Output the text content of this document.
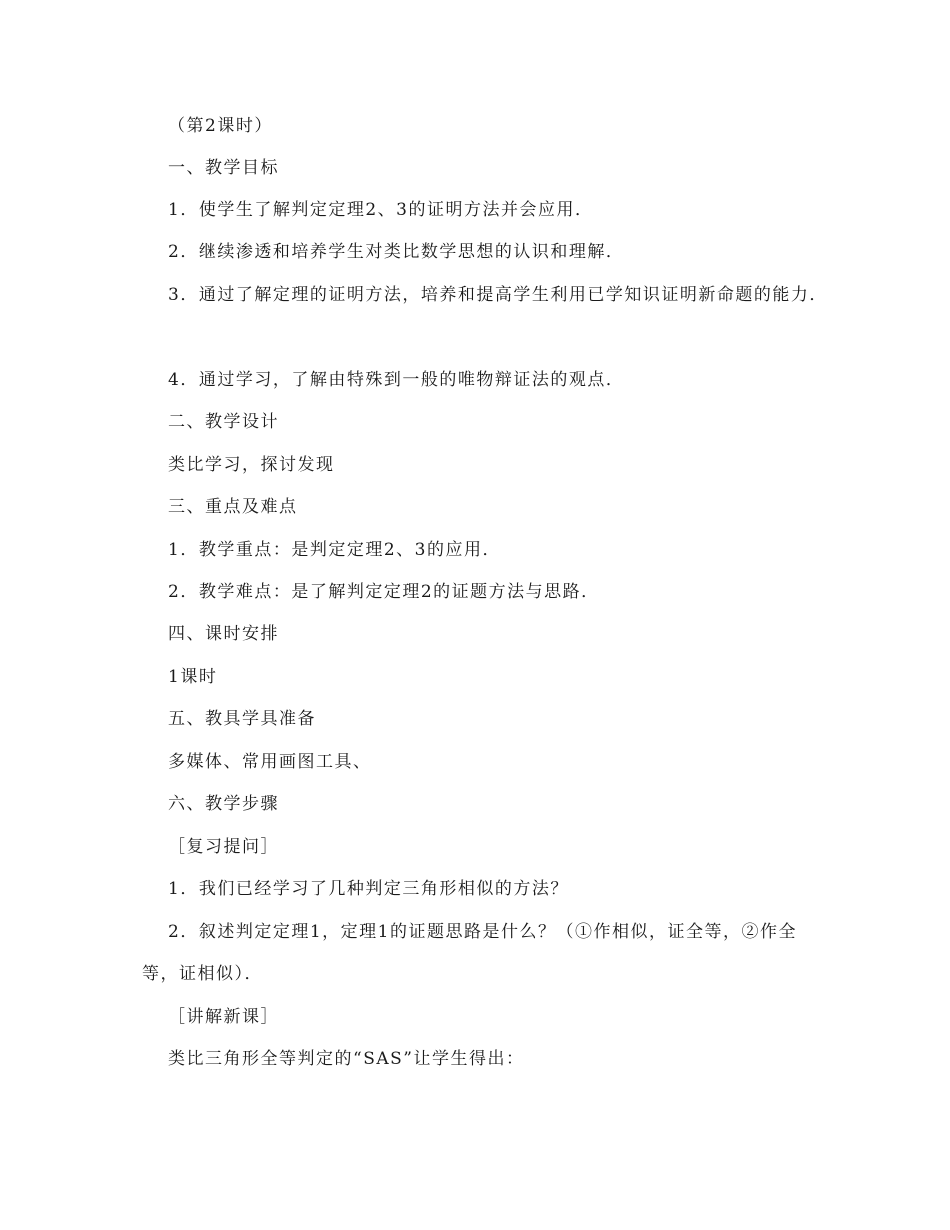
（第2课时）
一、教学目标
1．使学生了解判定定理2、3的证明方法并会应用．
2．继续渗透和培养学生对类比数学思想的认识和理解．
3．通过了解定理的证明方法，培养和提高学生利用已学知识证明新命题的能力．
4．通过学习，了解由特殊到一般的唯物辩证法的观点．
二、教学设计
类比学习，探讨发现
三、重点及难点
1．教学重点：是判定定理2、3的应用．
2．教学难点：是了解判定定理2的证题方法与思路．
四、课时安排
1课时
五、教具学具准备
多媒体、常用画图工具、
六、教学步骤
［复习提问］
1．我们已经学习了几种判定三角形相似的方法？
2．叙述判定定理1，定理1的证题思路是什么？（①作相似，证全等，②作全
等，证相似）．
［讲解新课］
类比三角形全等判定的“SAS”让学生得出：
